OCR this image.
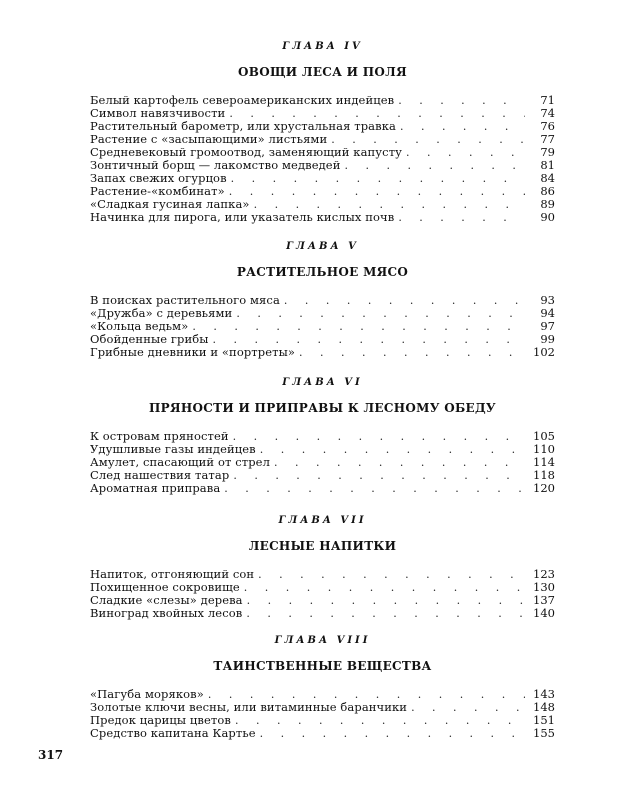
ГЛАВА IV
ОВОЩИ ЛЕСА И ПОЛЯ
Белый картофель североамериканских индейцев . . .	71
Символ навязчивости . . .	74
Растительный барометр, или хрустальная травка . . .	76
Растение с «засыпающими» листьями . . .	77
Средневековый громоотвод, заменяющий капусту . . .	79
Зонтичный борщ — лакомство медведей . . .	81
Запах свежих огурцов . . .	84
Растение-«комбинат» . . .	86
«Сладкая гусиная лапка» . . .	89
Начинка для пирога, или указатель кислых почв . . .	90
ГЛАВА V
РАСТИТЕЛЬНОЕ МЯСО
В поисках растительного мяса . . .	93
«Дружба» с деревьями . . .	94
«Кольца ведьм» . . .	97
Обойденные грибы . . .	99
Грибные дневники и «портреты» . . .	102
ГЛАВА VI
ПРЯНОСТИ И ПРИПРАВЫ К ЛЕСНОМУ ОБЕДУ
К островам пряностей . . .	105
Удушливые газы индейцев . . .	110
Амулет, спасающий от стрел . . .	114
След нашествия татар . . .	118
Ароматная приправа . . .	120
ГЛАВА VII
ЛЕСНЫЕ НАПИТКИ
Напиток, отгоняющий сон . . .	123
Похищенное сокровище . . .	130
Сладкие «слезы» дерева . . .	137
Виноград хвойных лесов . . .	140
ГЛАВА VIII
ТАИНСТВЕННЫЕ ВЕЩЕСТВА
«Пагуба моряков» . . .	143
Золотые ключи весны, или витаминные баранчики . . .	148
Предок царицы цветов . . .	151
Средство капитана Картье . . .	155
317
